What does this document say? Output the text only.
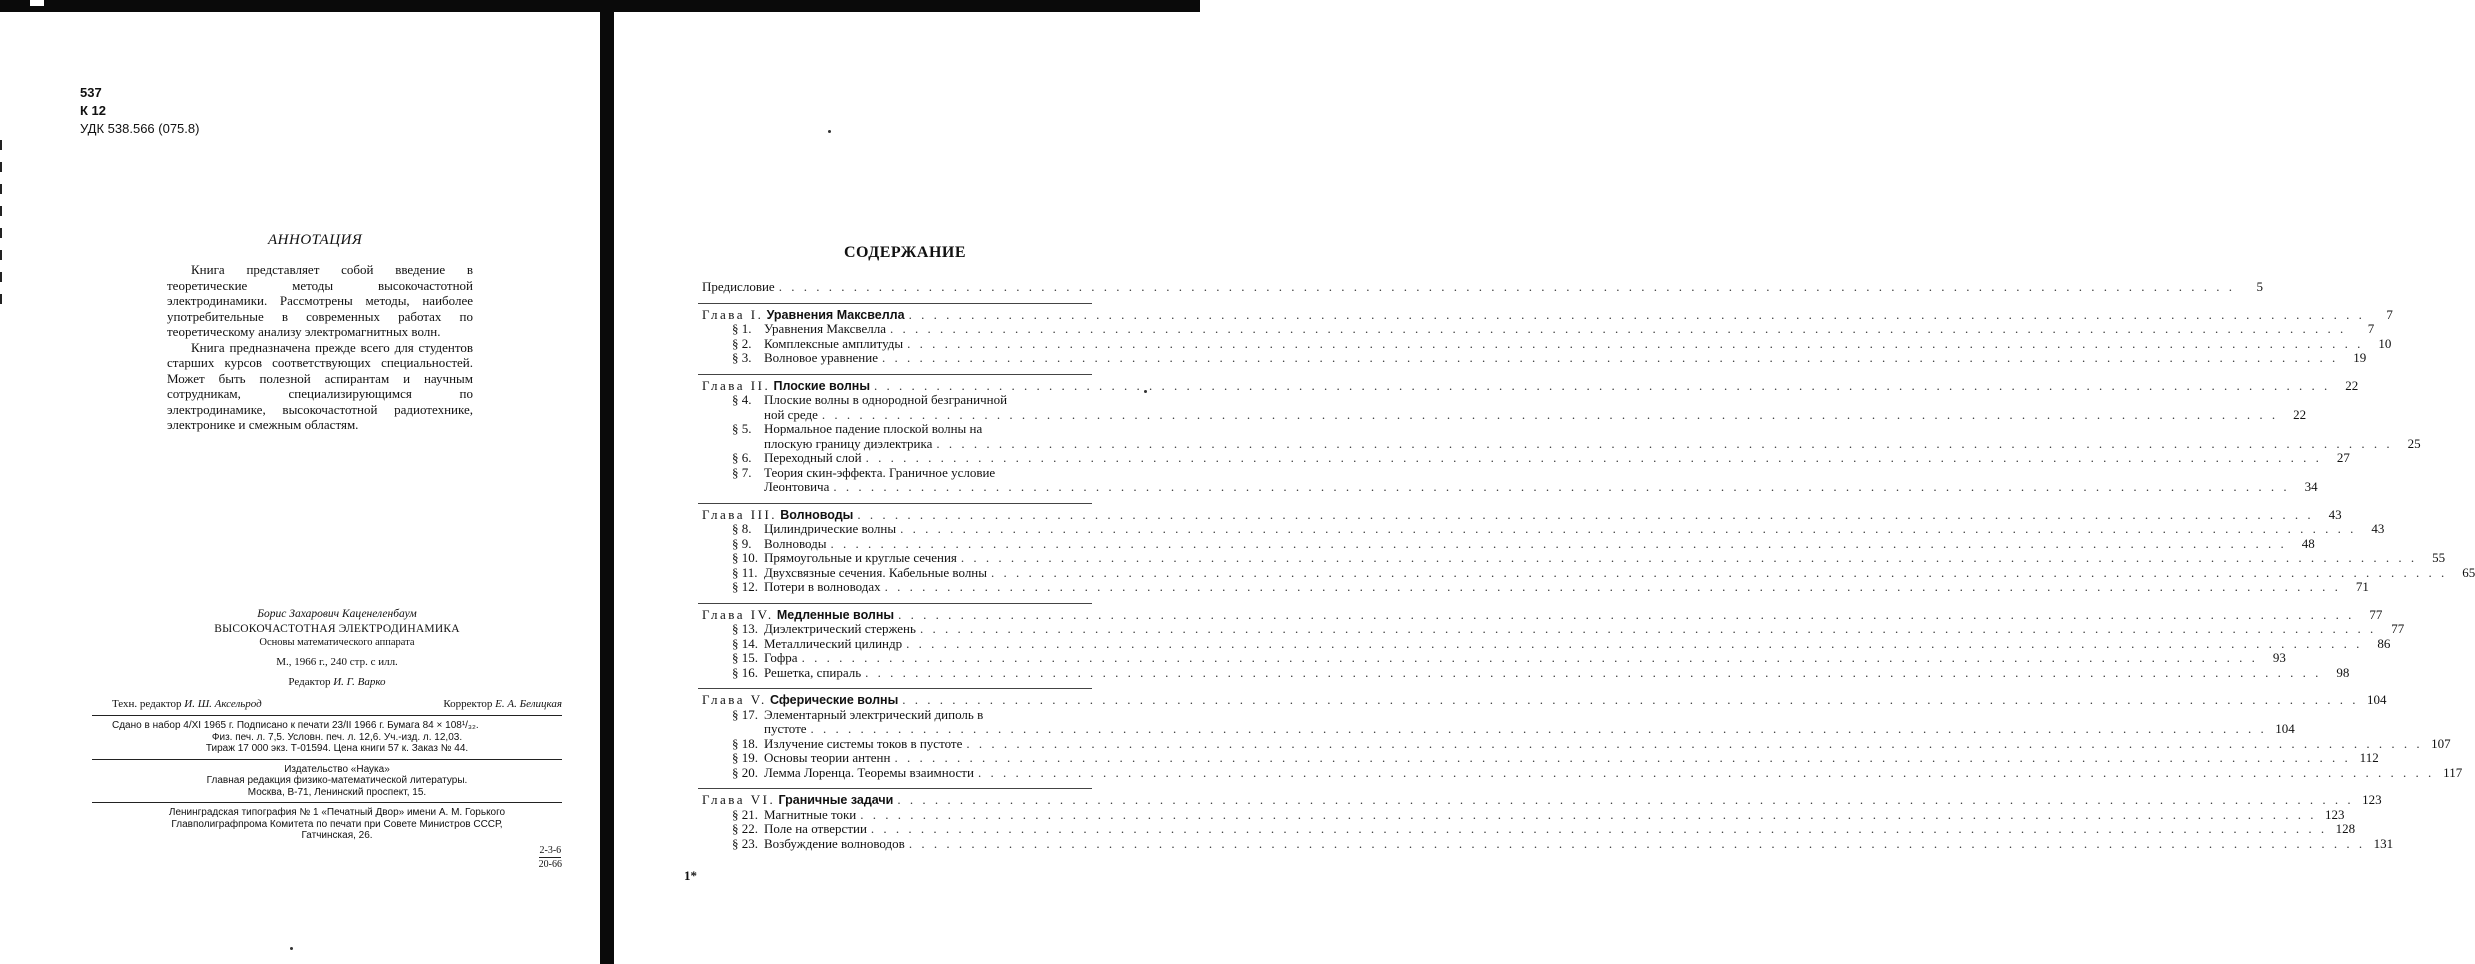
537
К 12
УДК 538.566 (075.8)
АННОТАЦИЯ

Книга представляет собой введение в теоретические методы высокочастотной электродинамики. Рассмотрены методы, наиболее употребительные в современных работах по теоретическому анализу электромагнитных волн.

Книга предназначена прежде всего для студентов старших курсов соответствующих специальностей. Может быть полезной аспирантам и научным сотрудникам, специализирующимся по электродинамике, высокочастотной радиотехнике, электронике и смежным областям.

Борис Захарович Каценеленбаум
ВЫСОКОЧАСТОТНАЯ ЭЛЕКТРОДИНАМИКА
Основы математического аппарата
М., 1966 г., 240 стр. с илл.
Редактор И. Г. Варко
Техн. редактор И. Ш. Аксельрод	Корректор Е. А. Белицкая
Сдано в набор 4/XI 1965 г. Подписано к печати 23/II 1966 г. Бумага 84 × 108¹/₃₂.
Физ. печ. л. 7,5. Условн. печ. л. 12,6. Уч.-изд. л. 12,03.
Тираж 17 000 экз. Т-01594. Цена книги 57 к. Заказ № 44.
Издательство «Наука»
Главная редакция физико-математической литературы.
Москва, В-71, Ленинский проспект, 15.
Ленинградская типография № 1 «Печатный Двор» имени А. М. Горького
Главполиграфпрома Комитета по печати при Совете Министров СССР,
Гатчинская, 26.
$\frac{2-3-6}{20-66}$
СОДЕРЖАНИЕ
Предисловие . . .	5
Глава I. Уравнения Максвелла . . .	7
§ 1. Уравнения Максвелла . . .	7
§ 2. Комплексные амплитуды . . .	10
§ 3. Волновое уравнение . . .	19
Глава II. Плоские волны . . .	22
§ 4. Плоские волны в однородной безграничной
ной среде . . .	22
§ 5. Нормальное падение плоской волны на
плоскую границу диэлектрика . . .	25
§ 6. Переходный слой . . .	27
§ 7. Теория скин-эффекта. Граничное условие
Леонтовича . . .	34
Глава III. Волноводы . . .	43
§ 8. Цилиндрические волны . . .	43
§ 9. Волноводы . . .	48
§ 10. Прямоугольные и круглые сечения . . .	55
§ 11. Двухсвязные сечения. Кабельные волны . . .	65
§ 12. Потери в волноводах . . .	71
Глава IV. Медленные волны . . .	77
§ 13. Диэлектрический стержень . . .	77
§ 14. Металлический цилиндр . . .	86
§ 15. Гофра . . .	93
§ 16. Решетка, спираль . . .	98
Глава V. Сферические волны . . .	104
§ 17. Элементарный электрический диполь в
пустоте . . .	104
§ 18. Излучение системы токов в пустоте . . .	107
§ 19. Основы теории антенн . . .	112
§ 20. Лемма Лоренца. Теоремы взаимности . . .	117
Глава VI. Граничные задачи . . .	123
§ 21. Магнитные токи . . .	123
§ 22. Поле на отверстии . . .	128
§ 23. Возбуждение волноводов . . .	131
1*
